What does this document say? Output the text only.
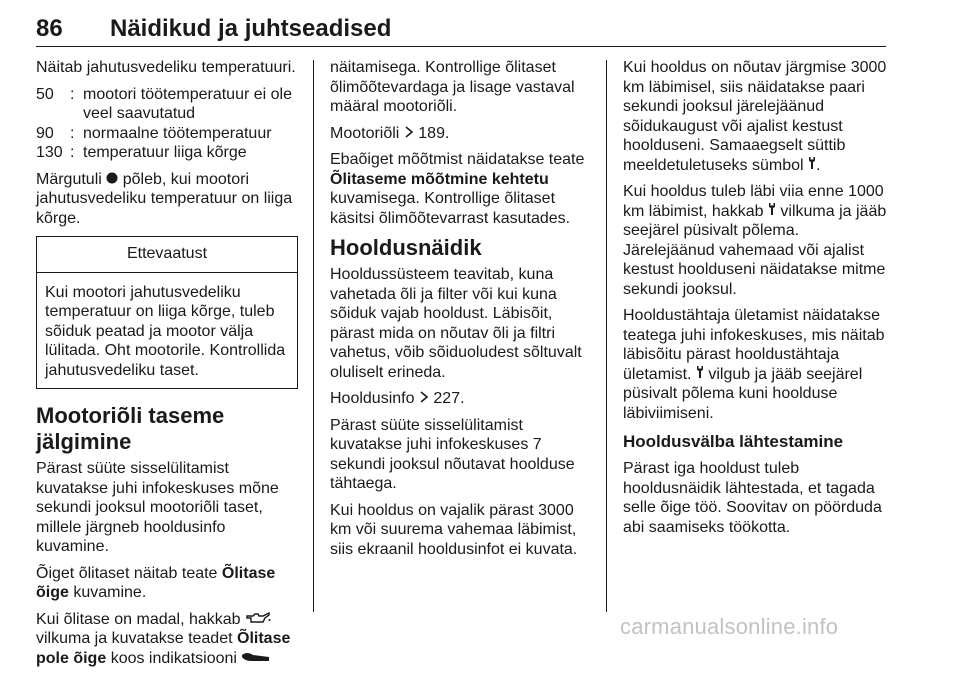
86	Näidikud ja juhtseadised

Näitab jahutusvedeliku temperatuuri.

50	:	mootori töötemperatuur ei ole veel saavutatud
90	:	normaalne töötemperatuur
130	:	temperatuur liiga kõrge

Märgutuli põleb, kui mootori jahutusvedeliku temperatuur on liiga kõrge.

Ettevaatust
Kui mootori jahutusvedeliku temperatuur on liiga kõrge, tuleb sõiduk peatad ja mootor välja lülitada. Oht mootorile. Kontrollida jahutusvedeliku taset.
Mootoriõli taseme jälgimine

Pärast süüte sisselülitamist kuvatakse juhi infokeskuses mõne sekundi jooksul mootoriõli taset, millele järgneb hooldusinfo kuvamine.

Õiget õlitaset näitab teate Õlitase õige kuvamine.

Kui õlitase on madal, hakkab  vilkuma ja kuvatakse teadet Õlitase pole õige koos indikatsiooni

näitamisega. Kontrollige õlitaset õlimõõtevardaga ja lisage vastaval määral mootoriõli.

Mootoriõli 189.

Ebaõiget mõõtmist näidatakse teate Õlitaseme mõõtmine kehtetu kuvamisega. Kontrollige õlitaset käsitsi õlimõõtevarrast kasutades.

Hooldusnäidik

Hooldussüsteem teavitab, kuna vahetada õli ja filter või kui kuna sõiduk vajab hooldust. Läbisõit, pärast mida on nõutav õli ja filtri vahetus, võib sõiduoludest sõltuvalt oluliselt erineda.

Hooldusinfo 227.

Pärast süüte sisselülitamist kuvatakse juhi infokeskuses 7 sekundi jooksul nõutavat hoolduse tähtaega.

Kui hooldus on vajalik pärast 3000 km või suurema vahemaa läbimist, siis ekraanil hooldusinfot ei kuvata.

Kui hooldus on nõutav järgmise 3000 km läbimisel, siis näidatakse paari sekundi jooksul järelejäänud sõidukaugust või ajalist kestust hoolduseni. Samaaegselt süttib meeldetuletuseks sümbol .

Kui hooldus tuleb läbi viia enne 1000 km läbimist, hakkab vilkuma ja jääb seejärel püsivalt põlema. Järelejäänud vahemaad või ajalist kestust hoolduseni näidatakse mitme sekundi jooksul.

Hooldustähtaja ületamist näidatakse teatega juhi infokeskuses, mis näitab läbisõitu pärast hooldustähtaja ületamist. vilgub ja jääb seejärel püsivalt põlema kuni hoolduse läbiviimiseni.

Hooldusvälba lähtestamine

Pärast iga hooldust tuleb hooldusnäidik lähtestada, et tagada selle õige töö. Soovitav on pöörduda abi saamiseks töökotta.

carmanualsonline.info
